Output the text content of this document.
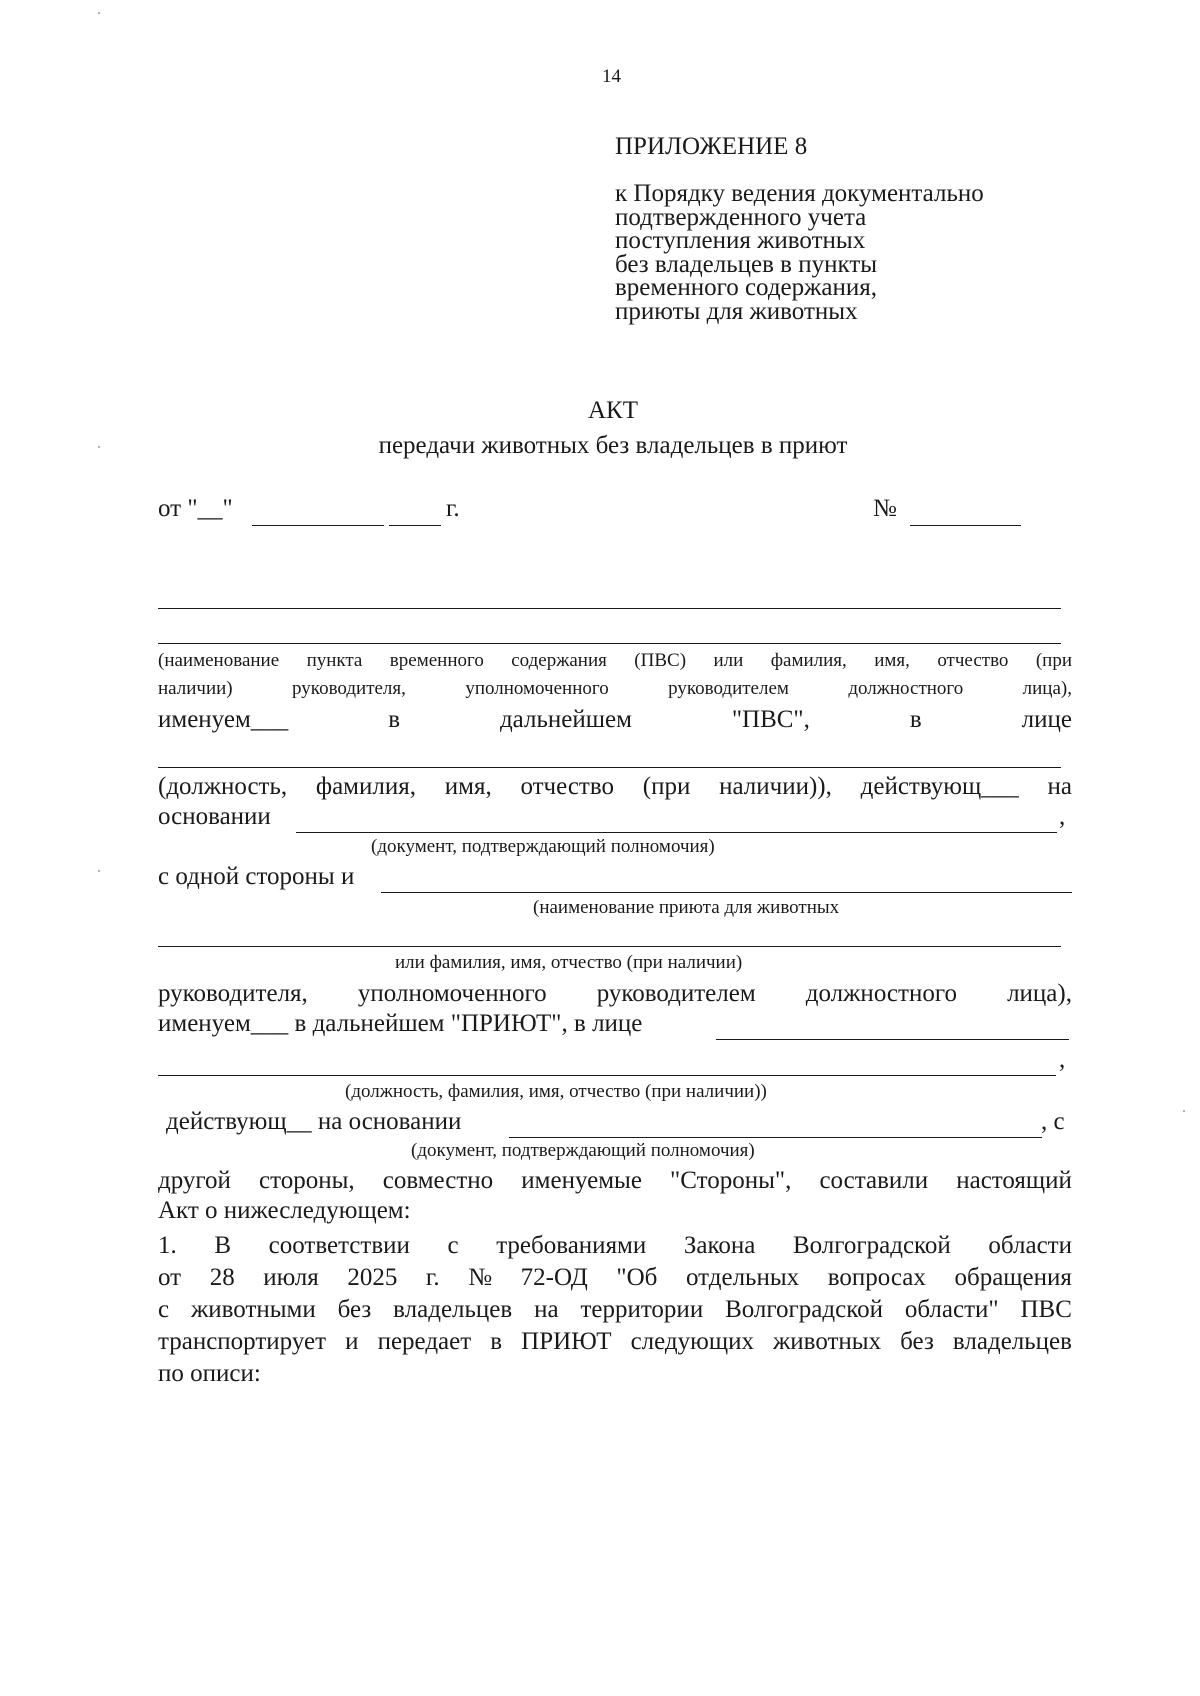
14
ПРИЛОЖЕНИЕ 8
к Порядку ведения документально
подтвержденного учета
поступления животных
без владельцев в пункты
временного содержания,
приюты для животных
АКТ
передачи животных без владельцев в приют
от "__"	г.	№
(наименование пункта временного содержания (ПВС) или фамилия, имя, отчество (при
наличии)	руководителя,	уполномоченного	руководителем	должностного	лица),
именуем___	в	дальнейшем	"ПВС",	в	лице
(должность, фамилия, имя, отчество (при наличии)), действующ___ на
основании	,
(документ, подтверждающий полномочия)
с одной стороны и
(наименование приюта для животных
или фамилия, имя, отчество (при наличии)
руководителя, уполномоченного руководителем должностного лица),
именуем___ в дальнейшем "ПРИЮТ", в лице
,
(должность, фамилия, имя, отчество (при наличии))
действующ__ на основании	, с
(документ, подтверждающий полномочия)
другой стороны, совместно именуемые "Стороны", составили настоящий
Акт о нижеследующем:
1. В соответствии с требованиями Закона Волгоградской области
от 28 июля 2025 г. № 72-ОД "Об отдельных вопросах обращения
с животными без владельцев на территории Волгоградской области" ПВС
транспортирует и передает в ПРИЮТ следующих животных без владельцев
по описи:
